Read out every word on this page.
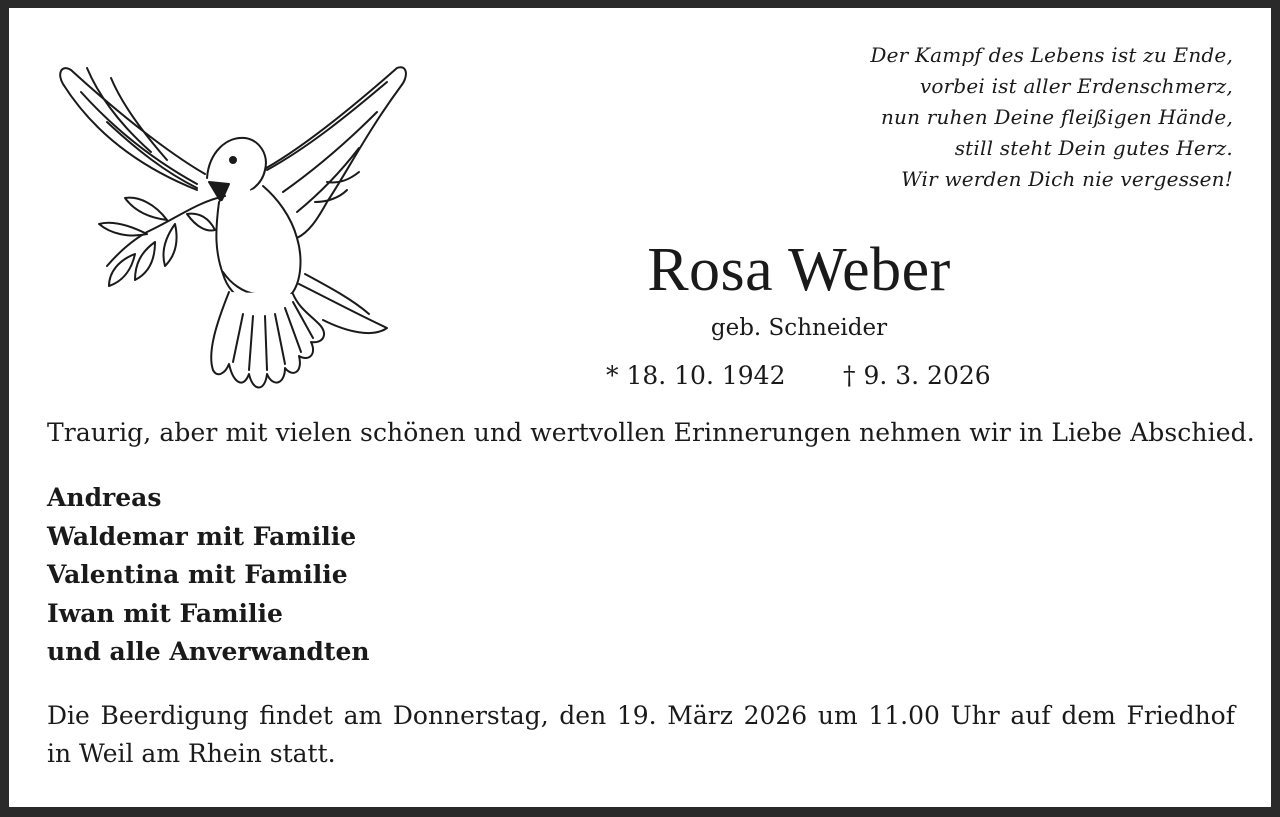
Der Kampf des Lebens ist zu Ende,
vorbei ist aller Erdenschmerz,
nun ruhen Deine fleißigen Hände,
still steht Dein gutes Herz.
Wir werden Dich nie vergessen!
Rosa Weber
geb. Schneider
* 18. 10. 1942 † 9. 3. 2026
Traurig, aber mit vielen schönen und wertvollen Erinnerungen nehmen wir in Liebe Abschied.
Andreas
Waldemar mit Familie
Valentina mit Familie
Iwan mit Familie
und alle Anverwandten
Die Beerdigung findet am Donnerstag, den 19. März 2026 um 11.00 Uhr auf dem Friedhof
in Weil am Rhein statt.
